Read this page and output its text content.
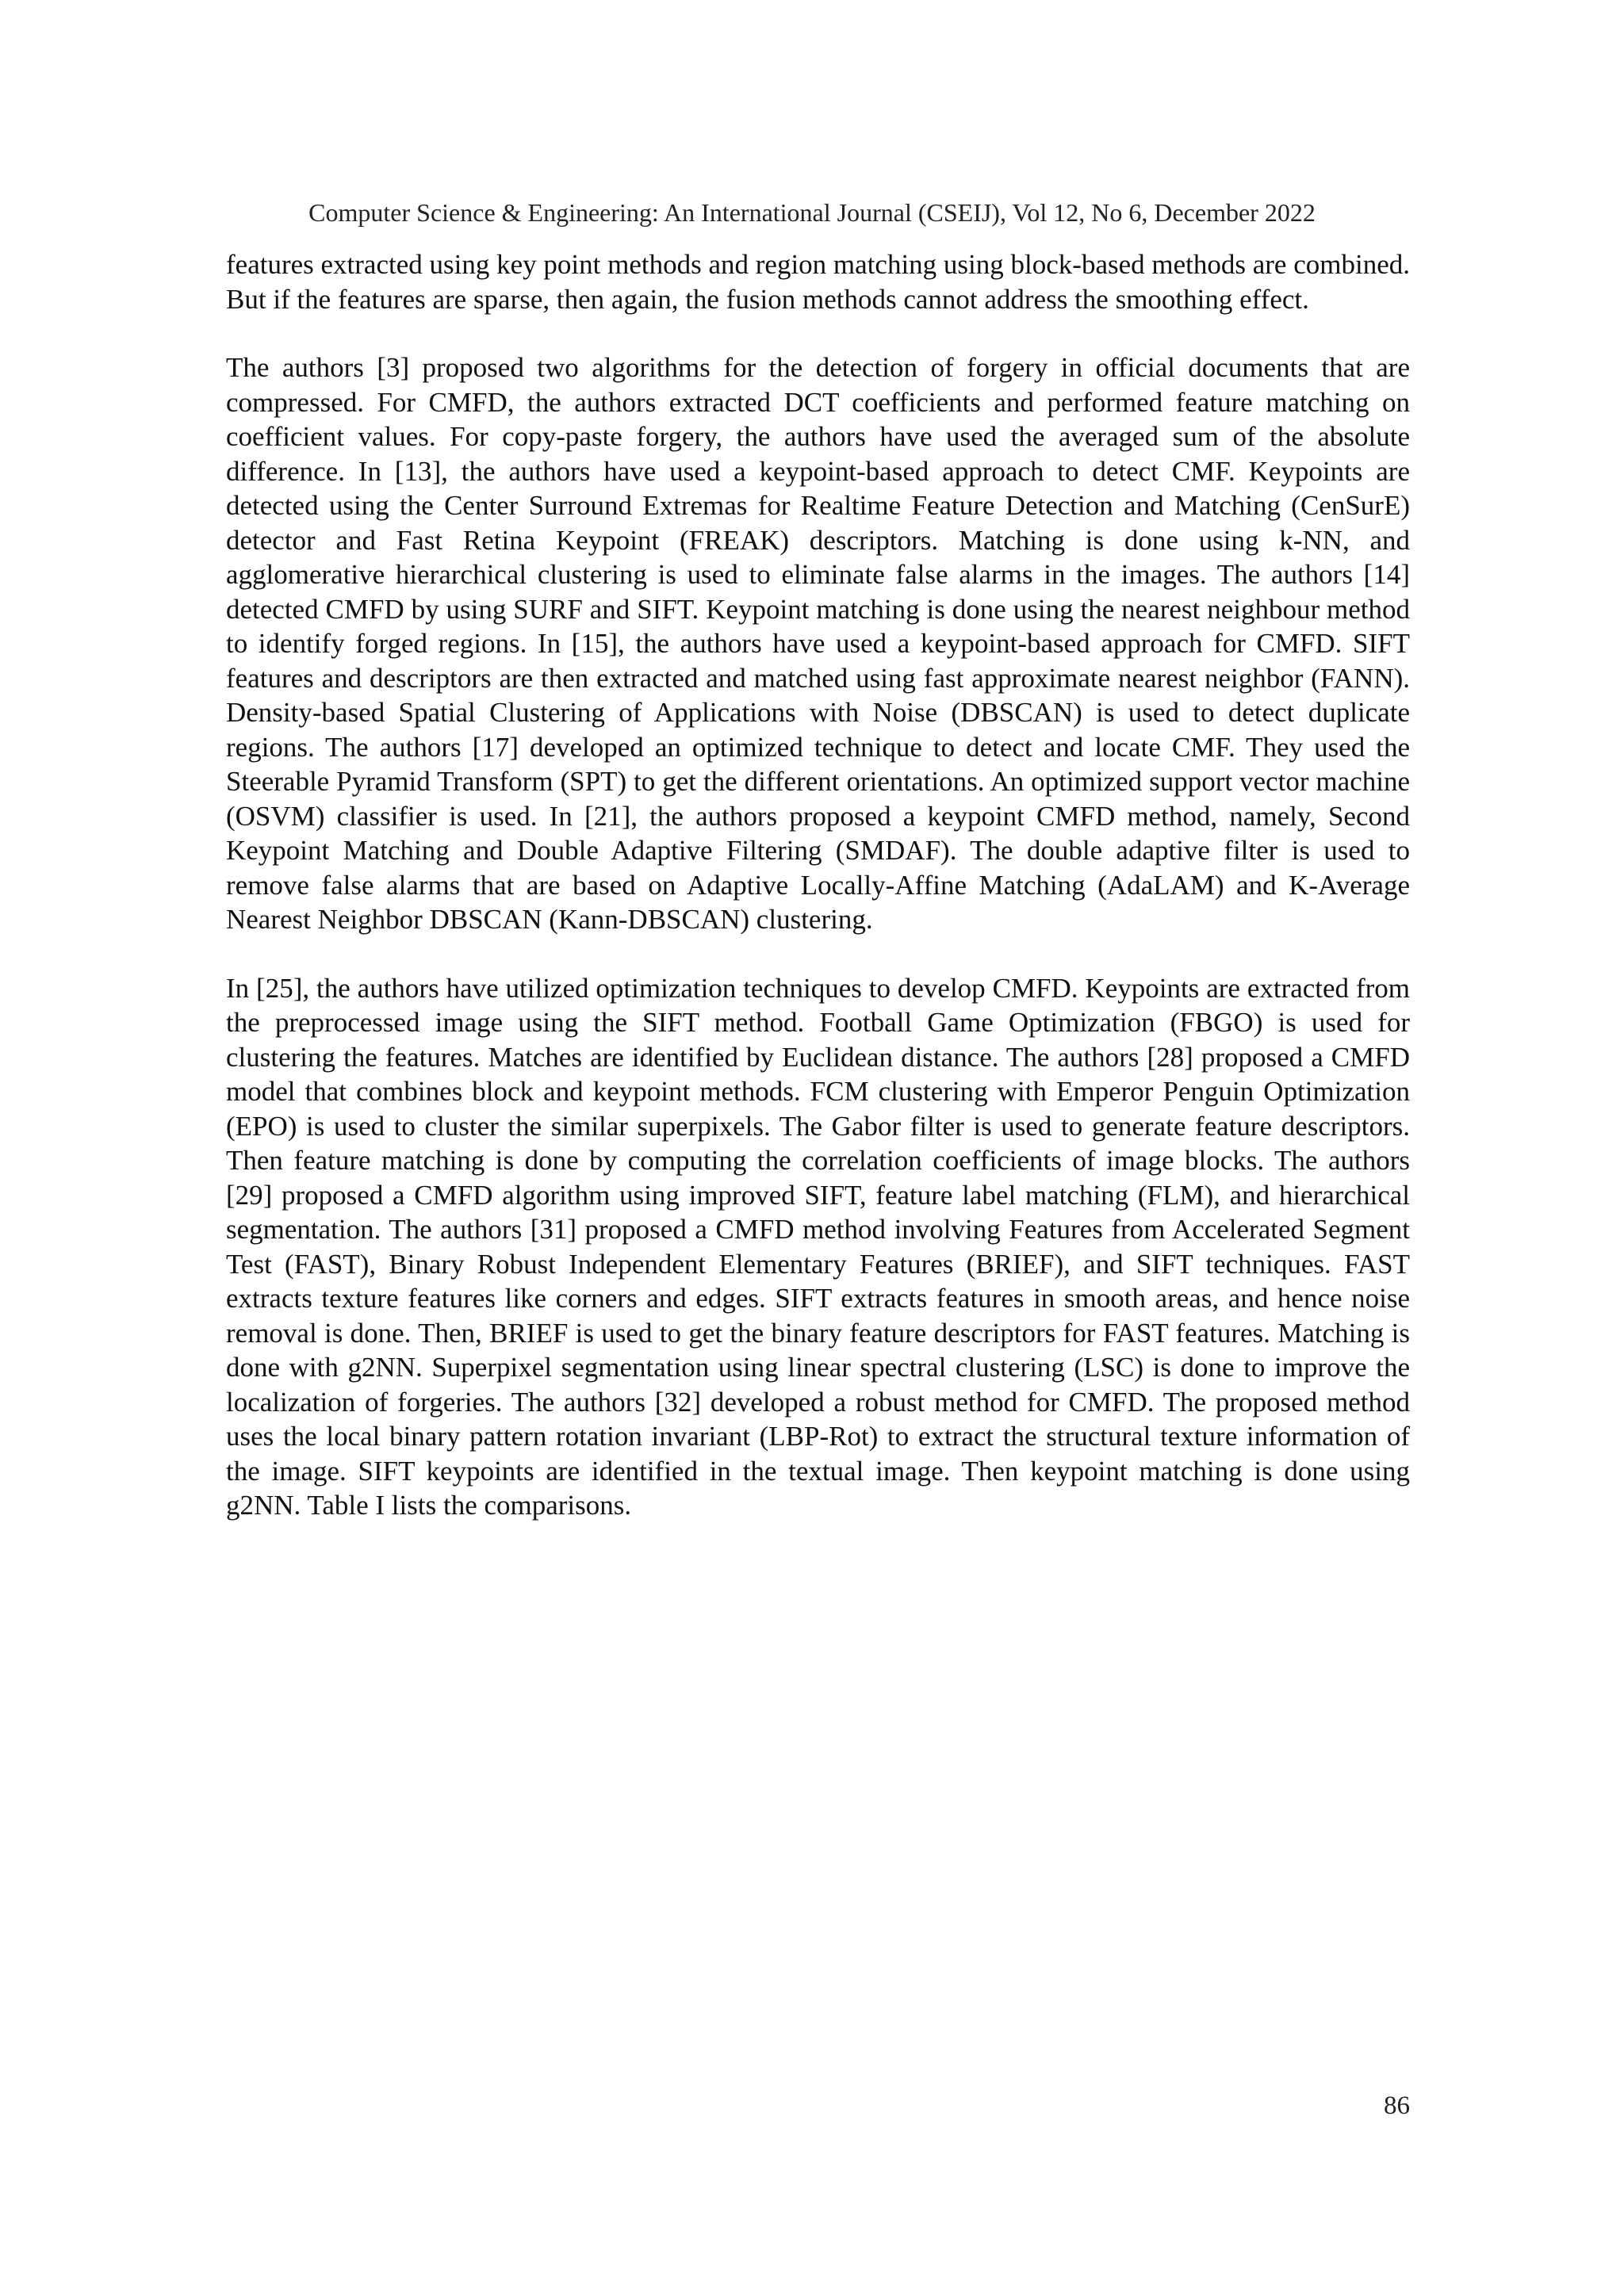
Computer Science & Engineering: An International Journal (CSEIJ), Vol 12, No 6, December 2022

features extracted using key point methods and region matching using block-based methods are combined. But if the features are sparse, then again, the fusion methods cannot address the smoothing effect.

The authors [3] proposed two algorithms for the detection of forgery in official documents that are compressed. For CMFD, the authors extracted DCT coefficients and performed feature matching on coefficient values. For copy-paste forgery, the authors have used the averaged sum of the absolute difference. In [13], the authors have used a keypoint-based approach to detect CMF. Keypoints are detected using the Center Surround Extremas for Realtime Feature Detection and Matching (CenSurE) detector and Fast Retina Keypoint (FREAK) descriptors. Matching is done using k-NN, and agglomerative hierarchical clustering is used to eliminate false alarms in the images. The authors [14] detected CMFD by using SURF and SIFT. Keypoint matching is done using the nearest neighbour method to identify forged regions. In [15], the authors have used a keypoint-based approach for CMFD. SIFT features and descriptors are then extracted and matched using fast approximate nearest neighbor (FANN). Density-based Spatial Clustering of Applications with Noise (DBSCAN) is used to detect duplicate regions. The authors [17] developed an optimized technique to detect and locate CMF. They used the Steerable Pyramid Transform (SPT) to get the different orientations. An optimized support vector machine (OSVM) classifier is used. In [21], the authors proposed a keypoint CMFD method, namely, Second Keypoint Matching and Double Adaptive Filtering (SMDAF). The double adaptive filter is used to remove false alarms that are based on Adaptive Locally-Affine Matching (AdaLAM) and K-Average Nearest Neighbor DBSCAN (Kann-DBSCAN) clustering.

In [25], the authors have utilized optimization techniques to develop CMFD. Keypoints are extracted from the preprocessed image using the SIFT method. Football Game Optimization (FBGO) is used for clustering the features. Matches are identified by Euclidean distance. The authors [28] proposed a CMFD model that combines block and keypoint methods. FCM clustering with Emperor Penguin Optimization (EPO) is used to cluster the similar superpixels. The Gabor filter is used to generate feature descriptors. Then feature matching is done by computing the correlation coefficients of image blocks. The authors [29] proposed a CMFD algorithm using improved SIFT, feature label matching (FLM), and hierarchical segmentation. The authors [31] proposed a CMFD method involving Features from Accelerated Segment Test (FAST), Binary Robust Independent Elementary Features (BRIEF), and SIFT techniques. FAST extracts texture features like corners and edges. SIFT extracts features in smooth areas, and hence noise removal is done. Then, BRIEF is used to get the binary feature descriptors for FAST features. Matching is done with g2NN. Superpixel segmentation using linear spectral clustering (LSC) is done to improve the localization of forgeries. The authors [32] developed a robust method for CMFD. The proposed method uses the local binary pattern rotation invariant (LBP-Rot) to extract the structural texture information of the image. SIFT keypoints are identified in the textual image. Then keypoint matching is done using g2NN. Table I lists the comparisons.

86
